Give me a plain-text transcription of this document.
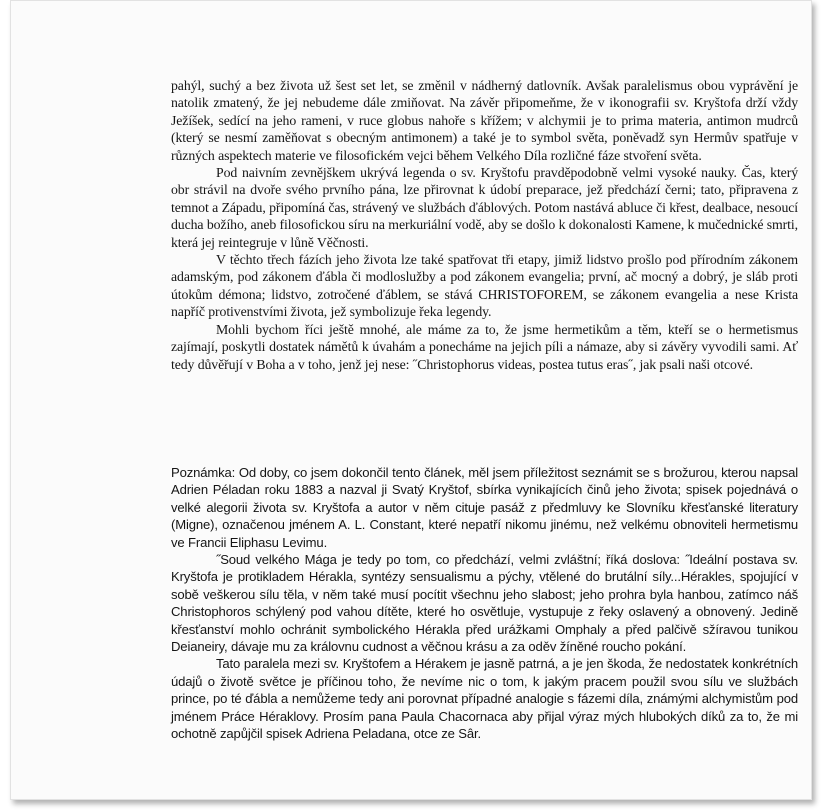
pahýl, suchý a bez života už šest set let, se změnil v nádherný datlovník. Avšak paralelismus obou vyprávění je natolik zmatený, že jej nebudeme dále zmiňovat. Na závěr připomeňme, že v ikonografii sv. Kryštofa drží vždy Ježíšek, sedící na jeho rameni, v ruce globus nahoře s křížem; v alchymii je to prima materia, antimon mudrců (který se nesmí zaměňovat s obecným antimonem) a také je to symbol světa, poněvadž syn Hermův spatřuje v různých aspektech materie ve filosofickém vejci během Velkého Díla rozličné fáze stvoření světa.

Pod naivním zevnějškem ukrývá legenda o sv. Kryštofu pravděpodobně velmi vysoké nauky. Čas, který obr strávil na dvoře svého prvního pána, lze přirovnat k údobí preparace, jež předchází černi; tato, připravena z temnot a Západu, připomíná čas, strávený ve službách ďáblových. Potom nastává abluce či křest, dealbace, nesoucí ducha božího, aneb filosofickou síru na merkuriální vodě, aby se došlo k dokonalosti Kamene, k mučednické smrti, která jej reintegruje v lůně Věčnosti.

V těchto třech fázích jeho života lze také spatřovat tři etapy, jimiž lidstvo prošlo pod přírodním zákonem adamským, pod zákonem ďábla či modloslužby a pod zákonem evangelia; první, ač mocný a dobrý, je sláb proti útokům démona; lidstvo, zotročené ďáblem, se stává CHRISTOFOREM, se zákonem evangelia a nese Krista napříč protivenstvími života, jež symbolizuje řeka legendy.

Mohli bychom říci ještě mnohé, ale máme za to, že jsme hermetikům a těm, kteří se o hermetismus zajímají, poskytli dostatek námětů k úvahám a ponecháme na jejich píli a námaze, aby si závěry vyvodili sami. Ať tedy důvěřují v Boha a v toho, jenž jej nese: ˝Christophorus videas, postea tutus eras˝, jak psali naši otcové.

Poznámka: Od doby, co jsem dokončil tento článek, měl jsem příležitost seznámit se s brožurou, kterou napsal Adrien Péladan roku 1883 a nazval ji Svatý Kryštof, sbírka vynikajících činů jeho života; spisek pojednává o velké alegorii života sv. Kryštofa a autor v něm cituje pasáž z předmluvy ke Slovníku křesťanské literatury (Migne), označenou jménem A. L. Constant, které nepatří nikomu jinému, než velkému obnoviteli hermetismu ve Francii Eliphasu Levimu.

˝Soud velkého Mága je tedy po tom, co předchází, velmi zvláštní; říká doslova: ˝Ideální postava sv. Kryštofa je protikladem Hérakla, syntézy sensualismu a pýchy, vtělené do brutální síly...Hérakles, spojující v sobě veškerou sílu těla, v něm také musí pocítit všechnu jeho slabost; jeho prohra byla hanbou, zatímco náš Christophoros schýlený pod vahou dítěte, které ho osvětluje, vystupuje z řeky oslavený a obnovený. Jedině křesťanství mohlo ochránit symbolického Hérakla před urážkami Omphaly a před palčivě sžíravou tunikou Deianeiry, dávaje mu za královnu cudnost a věčnou krásu a za oděv žíněné roucho pokání.

Tato paralela mezi sv. Kryštofem a Hérakem je jasně patrná, a je jen škoda, že nedostatek konkrétních údajů o životě světce je příčinou toho, že nevíme nic o tom, k jakým pracem použil svou sílu ve službách prince, po té ďábla a nemůžeme tedy ani porovnat případné analogie s fázemi díla, známými alchymistům pod jménem Práce Héraklovy. Prosím pana Paula Chacornaca aby přijal výraz mých hlubokých díků za to, že mi ochotně zapůjčil spisek Adriena Peladana, otce ze Sâr.
